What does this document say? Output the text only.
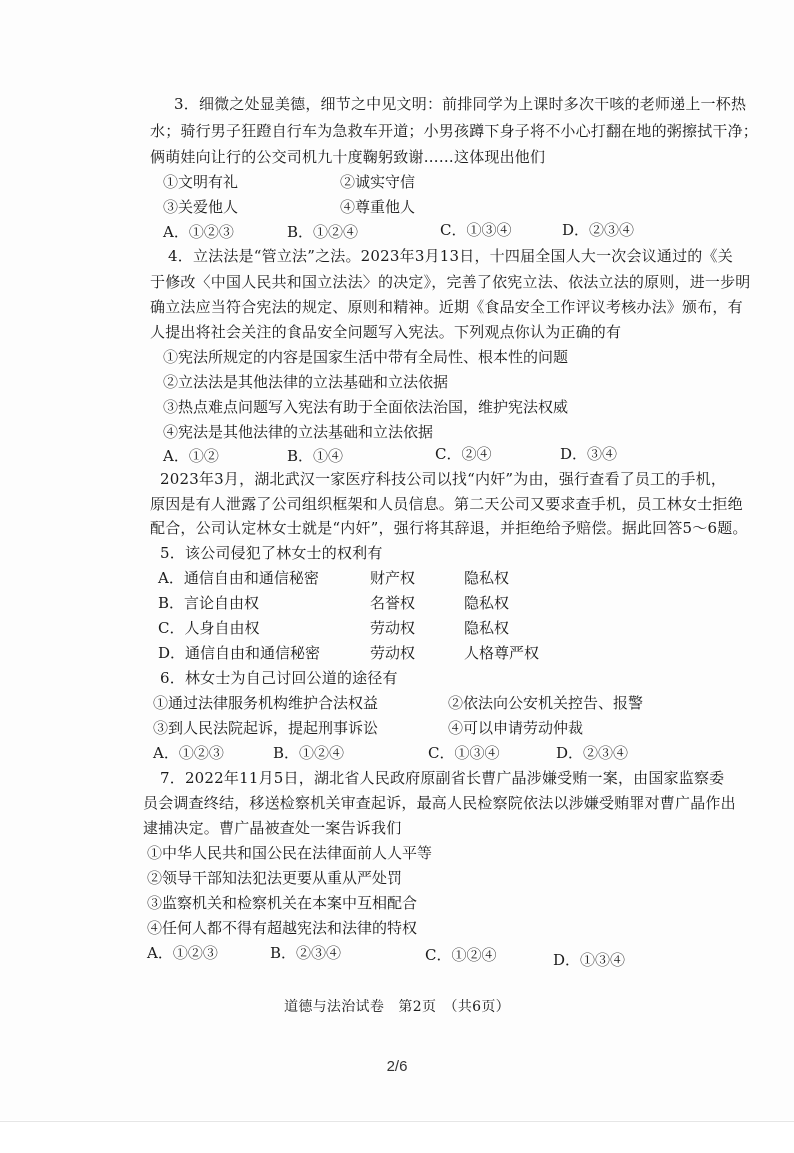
3．细微之处显美德，细节之中见文明：前排同学为上课时多次干咳的老师递上一杯热
水；骑行男子狂蹬自行车为急救车开道；小男孩蹲下身子将不小心打翻在地的粥擦拭干净；
俩萌娃向让行的公交司机九十度鞠躬致谢……这体现出他们
①文明有礼	②诚实守信
③关爱他人	④尊重他人
A．①②③	B．①②④	C．①③④	D．②③④
4．立法法是“管立法”之法。2023年3月13日，十四届全国人大一次会议通过的《关
于修改〈中国人民共和国立法法〉的决定》，完善了依宪立法、依法立法的原则，进一步明
确立法应当符合宪法的规定、原则和精神。近期《食品安全工作评议考核办法》颁布，有
人提出将社会关注的食品安全问题写入宪法。下列观点你认为正确的有
①宪法所规定的内容是国家生活中带有全局性、根本性的问题
②立法法是其他法律的立法基础和立法依据
③热点难点问题写入宪法有助于全面依法治国，维护宪法权威
④宪法是其他法律的立法基础和立法依据
A．①②	B．①④	C．②④	D．③④
2023年3月，湖北武汉一家医疗科技公司以找“内奸”为由，强行查看了员工的手机，
原因是有人泄露了公司组织框架和人员信息。第二天公司又要求查手机，员工林女士拒绝
配合，公司认定林女士就是“内奸”，强行将其辞退，并拒绝给予赔偿。据此回答5～6题。
5．该公司侵犯了林女士的权利有
A．通信自由和通信秘密	财产权	隐私权
B．言论自由权	名誉权	隐私权
C．人身自由权	劳动权	隐私权
D．通信自由和通信秘密	劳动权	人格尊严权
6．林女士为自己讨回公道的途径有
①通过法律服务机构维护合法权益	②依法向公安机关控告、报警
③到人民法院起诉，提起刑事诉讼	④可以申请劳动仲裁
A．①②③	B．①②④	C．①③④	D．②③④
7．2022年11月5日，湖北省人民政府原副省长曹广晶涉嫌受贿一案，由国家监察委
员会调查终结，移送检察机关审查起诉，最高人民检察院依法以涉嫌受贿罪对曹广晶作出
逮捕决定。曹广晶被查处一案告诉我们
①中华人民共和国公民在法律面前人人平等
②领导干部知法犯法更要从重从严处罚
③监察机关和检察机关在本案中互相配合
④任何人都不得有超越宪法和法律的特权
A．①②③	B．②③④	C．①②④	D．①③④
道德与法治试卷　第2页　（共6页）
2/6
